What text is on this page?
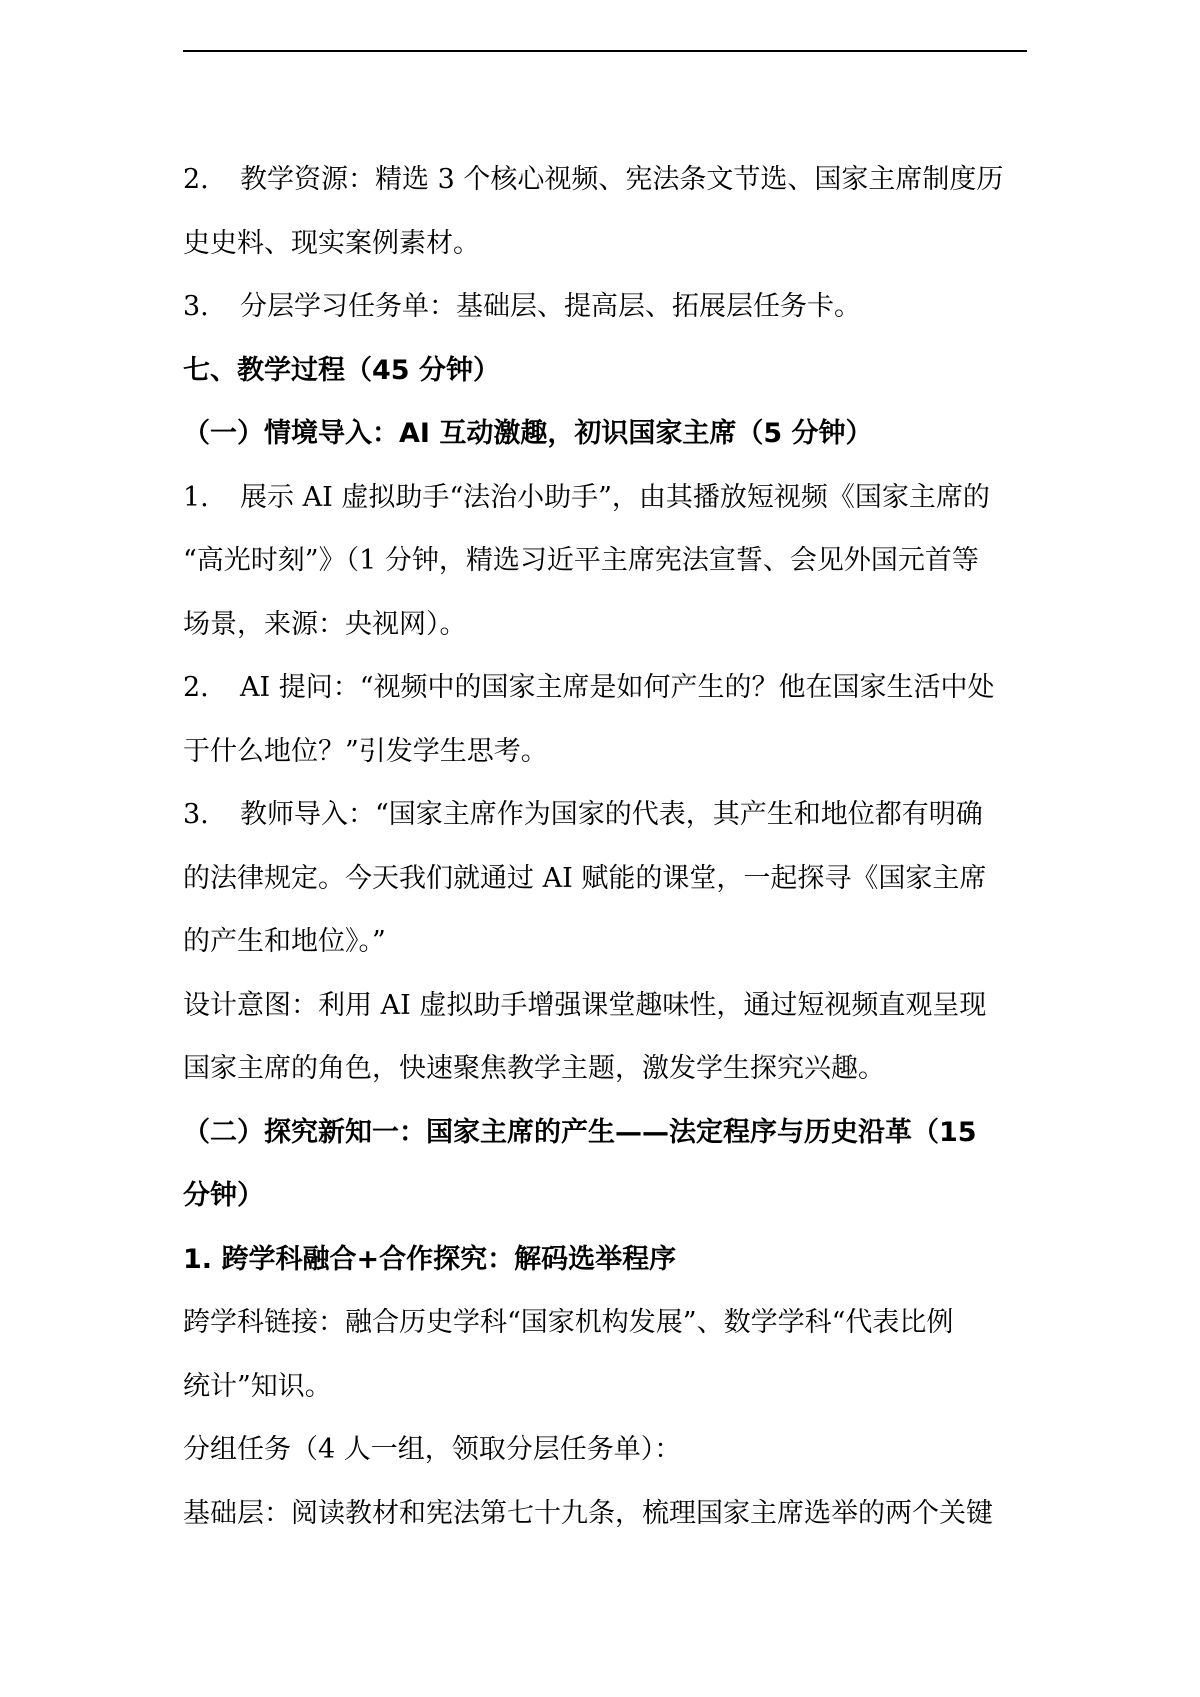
2. 教学资源：精选 3 个核心视频、宪法条文节选、国家主席制度历
史史料、现实案例素材。
3. 分层学习任务单：基础层、提高层、拓展层任务卡。
七、教学过程（45 分钟）
（一）情境导入：AI 互动激趣，初识国家主席（5 分钟）
1. 展示 AI 虚拟助手“法治小助手”，由其播放短视频《国家主席的
“高光时刻”》（1 分钟，精选习近平主席宪法宣誓、会见外国元首等
场景，来源：央视网）。
2. AI 提问：“视频中的国家主席是如何产生的？他在国家生活中处
于什么地位？”引发学生思考。
3. 教师导入：“国家主席作为国家的代表，其产生和地位都有明确
的法律规定。今天我们就通过 AI 赋能的课堂，一起探寻《国家主席
的产生和地位》。”
设计意图：利用 AI 虚拟助手增强课堂趣味性，通过短视频直观呈现
国家主席的角色，快速聚焦教学主题，激发学生探究兴趣。
（二）探究新知一：国家主席的产生——法定程序与历史沿革（15
分钟）
1. 跨学科融合+合作探究：解码选举程序
跨学科链接：融合历史学科“国家机构发展”、数学学科“代表比例
统计”知识。
分组任务（4 人一组，领取分层任务单）：
基础层：阅读教材和宪法第七十九条，梳理国家主席选举的两个关键
